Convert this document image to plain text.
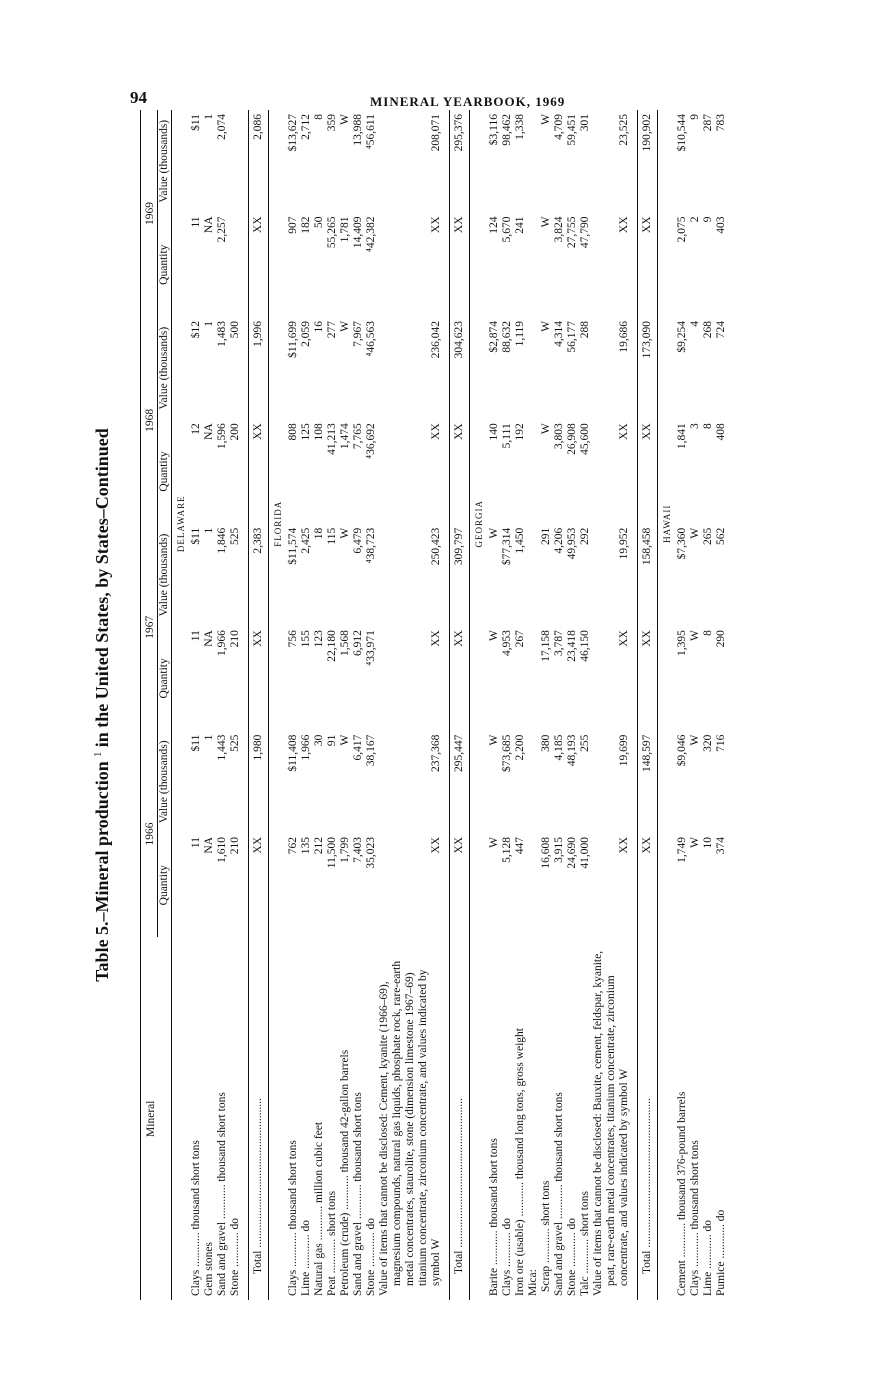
94	MINERAL YEARBOOK, 1969
Table 5.–Mineral production $^1$ in the United States, by States–Continued
Mineral	1966		1967		1968		1969	
	Quantity	Value (thousands)	Quantity	Value (thousands)	Quantity	Value (thousands)	Quantity	Value (thousands)
	DELAWARE							

Clays ............ thousand short tons	11	$11	11	$11	12	$12	11	$11

Gem stones	NA	1	NA	1	NA	1	NA	1

Sand and gravel ............ thousand short tons	1,610	1,443	1,966	1,846	1,596	1,483	2,257	2,074

Stone ............ do	210	525	210	525	200	500		

Total ....................................................	XX	1,980	XX	2,383	XX	1,996	XX	2,086
	FLORIDA							

Clays ............ thousand short tons	762	$11,408	756	$11,574	808	$11,699	907	$13,627

Lime ............ do	135	1,966	155	2,425	125	2,059	182	2,712

Natural gas ............ million cubic feet	212	30	123	18	108	16	50	8

Peat ............ short tons	11,500	91	22,180	115	41,213	277	55,265	359

Petroleum (crude) ............ thousand 42-gallon barrels	1,799	W	1,568	W	1,474	W	1,781	W

Sand and gravel ............ thousand short tons	7,403	6,417	6,912	6,479	7,765	7,967	14,409	13,988

Stone ............ do	35,023	38,167	⁴33,971	⁴38,723	⁴36,692	⁴46,563	⁴42,382	⁴56,611

Value of items that cannot be disclosed: Cement, kyanite (1966–69), magnesium compounds, natural gas liquids, phosphate rock, rare-earth metal concentrates, staurolite, stone (dimension limestone 1967–69) titanium concentrate, zirconium concentrate, and values indicated by symbol W	XX	237,368	XX	250,423	XX	236,042	XX	208,071

Total ....................................................	XX	295,447	XX	309,797	XX	304,623	XX	295,376
	GEORGIA							

Barite ............ thousand short tons	W	W	W	W	140	$2,874	124	$3,116

Clays ............ do	5,128	$73,685	4,953	$77,314	5,111	88,632	5,670	98,462

Iron ore (usable) ............ thousand long tons, gross weight	447	2,200	267	1,450	192	1,119	241	1,338

Mica:								

Scrap ............ short tons	16,608	380	17,158	291	W	W	W	W

Sand and gravel ............ thousand short tons	3,915	4,185	3,787	4,206	3,803	4,314	3,824	4,709

Stone ............ do	24,690	48,193	23,418	49,953	26,908	56,177	27,755	59,451

Talc ............ short tons	41,000	255	46,150	292	45,600	288	47,790	301

Value of items that cannot be disclosed: Bauxite, cement, feldspar, kyanite, peat, rare-earth metal concentrates, titanium concentrate, zirconium concentrate, and values indicated by symbol W	XX	19,699	XX	19,952	XX	19,686	XX	23,525

Total ....................................................	XX	148,597	XX	158,458	XX	173,090	XX	190,902
	HAWAII							

Cement ............ thousand 376-pound barrels	1,749	$9,046	1,395	$7,360	1,841	$9,254	2,075	$10,544

Clays ............ thousand short tons	W	W	W	W	3	4	2	9

Lime ............ do	10	320	8	265	8	268	9	287

Pumice ............ do	374	716	290	562	408	724	403	783
